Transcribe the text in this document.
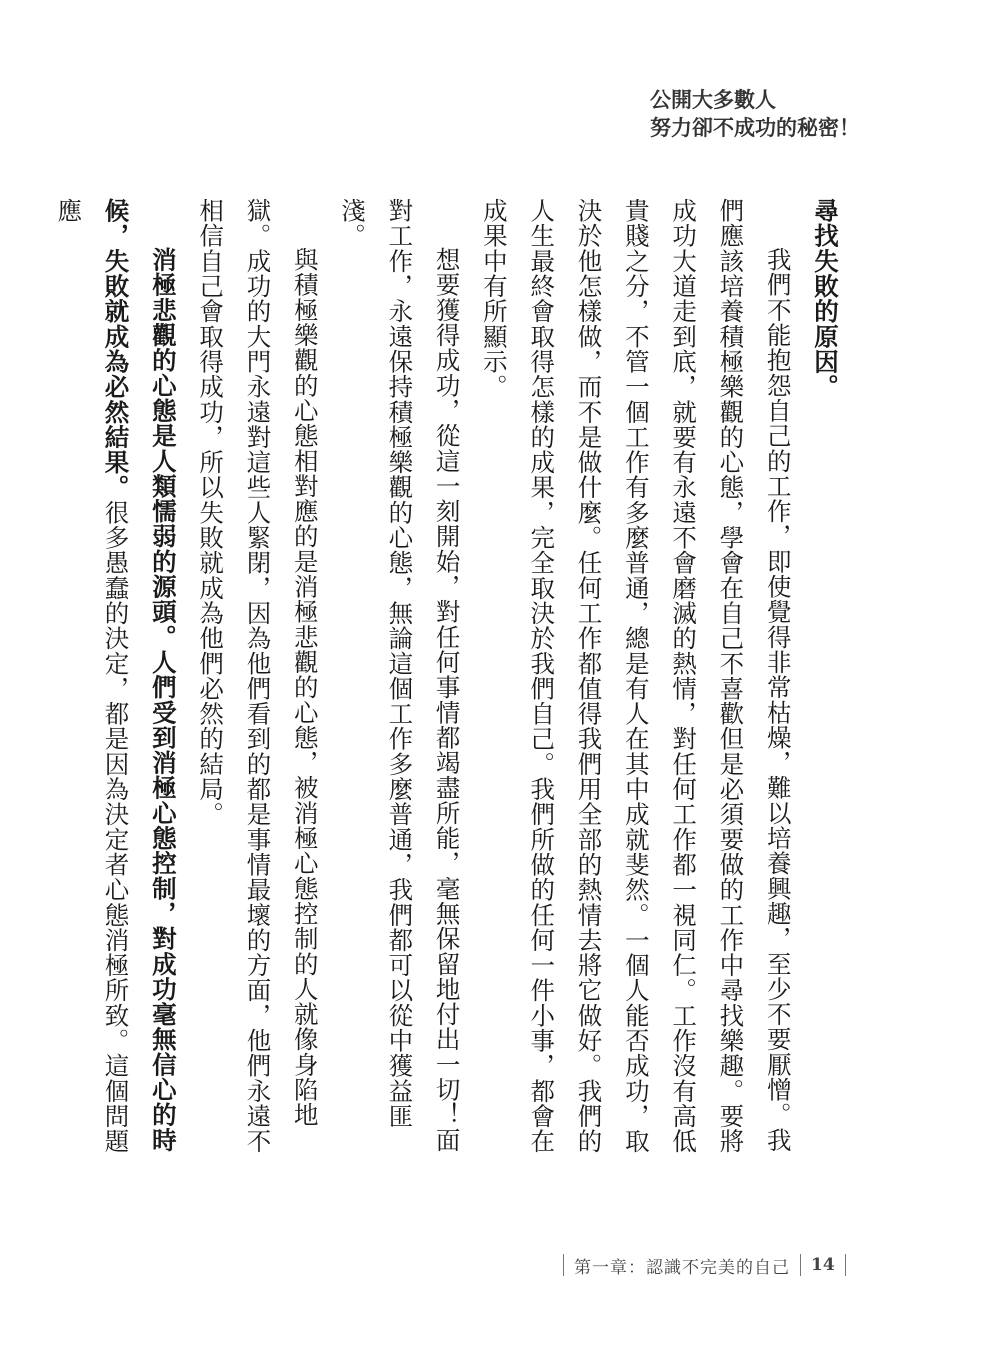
公開大多數人
努力卻不成功的秘密！

尋找失敗的原因。

我們不能抱怨自己的工作，即使覺得非常枯燥，難以培養興趣，至少不要厭憎。我們應該培養積極樂觀的心態，學會在自己不喜歡但是必須要做的工作中尋找樂趣。要將成功大道走到底，就要有永遠不會磨滅的熱情，對任何工作都一視同仁。工作沒有高低貴賤之分，不管一個工作有多麼普通，總是有人在其中成就斐然。一個人能否成功，取決於他怎樣做，而不是做什麼。任何工作都值得我們用全部的熱情去將它做好。我們的人生最終會取得怎樣的成果，完全取決於我們自己。我們所做的任何一件小事，都會在成果中有所顯示。

想要獲得成功，從這一刻開始，對任何事情都竭盡所能，毫無保留地付出一切！面對工作，永遠保持積極樂觀的心態，無論這個工作多麼普通，我們都可以從中獲益匪淺。

與積極樂觀的心態相對應的是消極悲觀的心態，被消極心態控制的人就像身陷地獄。成功的大門永遠對這些人緊閉，因為他們看到的都是事情最壞的方面，他們永遠不相信自己會取得成功，所以失敗就成為他們必然的結局。

消極悲觀的心態是人類懦弱的源頭。人們受到消極心態控制，對成功毫無信心的時候，失敗就成為必然結果。很多愚蠢的決定，都是因為決定者心態消極所致。這個問題應

第一章：認識不完美的自己 14
